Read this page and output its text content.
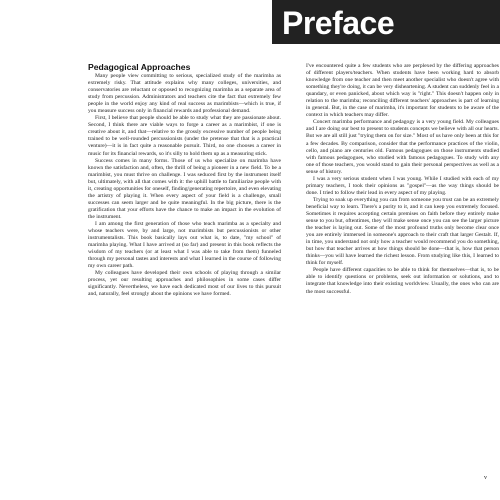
Preface
Pedagogical Approaches

Many people view committing to serious, specialized study of the marimba as extremely risky. That attitude explains why many colleges, universities, and conservatories are reluctant or opposed to recognizing marimba as a separate area of study from percussion. Administrators and teachers cite the fact that extremely few people in the world enjoy any kind of real success as marimbists—which is true, if you measure success only in financial rewards and professional demand.

First, I believe that people should be able to study what they are passionate about. Second, I think there are viable ways to forge a career as a marimbist, if one is creative about it, and that—relative to the grossly excessive number of people being trained to be well-rounded percussionists (under the pretense that that is a practical venture)—it is in fact quite a reasonable pursuit. Third, no one chooses a career in music for its financial rewards, so it's silly to hold them up as a measuring stick.

Success comes in many forms. Those of us who specialize on marimba have known the satisfaction and, often, the thrill of being a pioneer in a new field. To be a marimbist, you must thrive on challenge. I was seduced first by the instrument itself but, ultimately, with all that comes with it: the uphill battle to familiarize people with it, creating opportunities for oneself, finding/generating repertoire, and even elevating the artistry of playing it. When every aspect of your field is a challenge, small successes can seem larger and be quite meaningful. In the big picture, there is the gratification that your efforts have the chance to make an impact in the evolution of the instrument.

I am among the first generation of those who teach marimba as a specialty and whose teachers were, by and large, not marimbists but percussionists or other instrumentalists. This book basically lays out what is, to date, "my school" of marimba playing. What I have arrived at (so far) and present in this book reflects the wisdom of my teachers (or at least what I was able to take from them) funneled through my personal tastes and interests and what I learned in the course of following my own career path.

My colleagues have developed their own schools of playing through a similar process, yet our resulting approaches and philosophies in some cases differ significantly. Nevertheless, we have each dedicated most of our lives to this pursuit and, naturally, feel strongly about the opinions we have formed.

I've encountered quite a few students who are perplexed by the differing approaches of different players/teachers. When students have been working hard to absorb knowledge from one teacher and then meet another specialist who doesn't agree with something they're doing, it can be very disheartening. A student can suddenly feel in a quandary, or even panicked, about which way is "right." This doesn't happen only in relation to the marimba; reconciling different teachers' approaches is part of learning in general. But, in the case of marimba, it's important for students to be aware of the context in which teachers may differ.

Concert marimba performance and pedagogy is a very young field. My colleagues and I are doing our best to present to students concepts we believe with all our hearts. But we are all still just "trying them on for size." Most of us have only been at this for a few decades. By comparison, consider that the performance practices of the violin, cello, and piano are centuries old. Famous pedagogues on those instruments studied with famous pedagogues, who studied with famous pedagogues. To study with any one of those teachers, you would stand to gain their personal perspectives as well as a sense of history.

I was a very serious student when I was young. While I studied with each of my primary teachers, I took their opinions as "gospel"—as the way things should be done. I tried to follow their lead in every aspect of my playing.

Trying to soak up everything you can from someone you trust can be an extremely beneficial way to learn. There's a purity to it, and it can keep you extremely focused. Sometimes it requires accepting certain premises on faith before they entirely make sense to you but, oftentimes, they will make sense once you can see the larger picture the teacher is laying out. Some of the most profound truths only become clear once you are entirely immersed in someone's approach to their craft that larger Gestalt. If, in time, you understand not only how a teacher would recommend you do something, but how that teacher arrives at how things should be done—that is, how that person thinks—you will have learned the richest lesson. From studying like this, I learned to think for myself.

People have different capacities to be able to think for themselves—that is, to be able to identify questions or problems, seek out information or solutions, and to integrate that knowledge into their existing worldview. Usually, the ones who can are the most successful.

v
